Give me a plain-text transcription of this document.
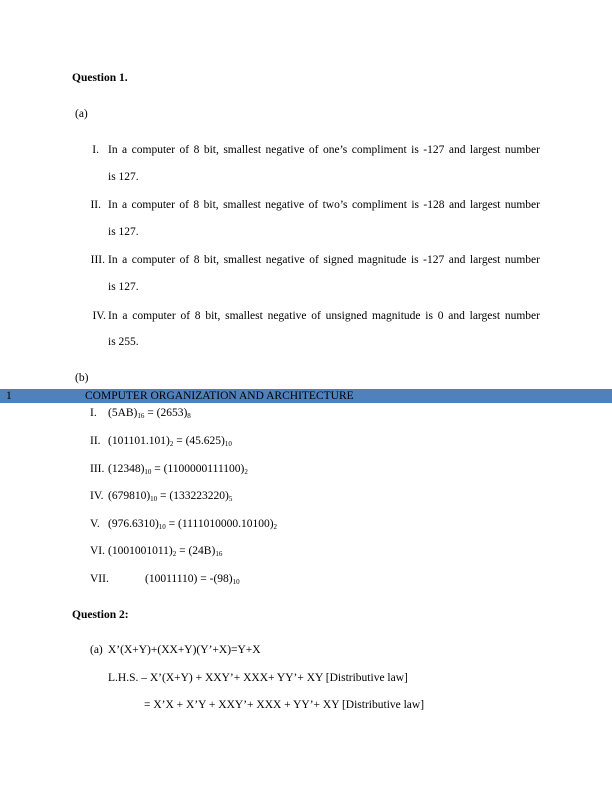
Question 1.
(a)
I. In a computer of 8 bit, smallest negative of one’s compliment is -127 and largest number
is 127.
II. In a computer of 8 bit, smallest negative of two’s compliment is -128 and largest number
is 127.
III. In a computer of 8 bit, smallest negative of signed magnitude is -127 and largest number
is 127.
IV. In a computer of 8 bit, smallest negative of unsigned magnitude is 0 and largest number
is 255.
(b)
1	COMPUTER ORGANIZATION AND ARCHITECTURE
I. $(5AB)_{16} = (2653)_8$
II. $(101101.101)_2 = (45.625)_{10}$
III. $(12348)_{10} = (1100000111100)_2$
IV. $(679810)_{10} = (133223220)_5$
V. $(976.6310)_{10} = (1111010000.10100)_2$
VI. $(1001001011)_2 = (24B)_{16}$
VII.	$(10011110) = -(98)_{10}$
Question 2:
(a) X’(X+Y)+(XX+Y)(Y’+X)=Y+X
L.H.S. – X’(X+Y) + XXY’+ XXX+ YY’+ XY [Distributive law]
= X’X + X’Y + XXY’+ XXX + YY’+ XY [Distributive law]
